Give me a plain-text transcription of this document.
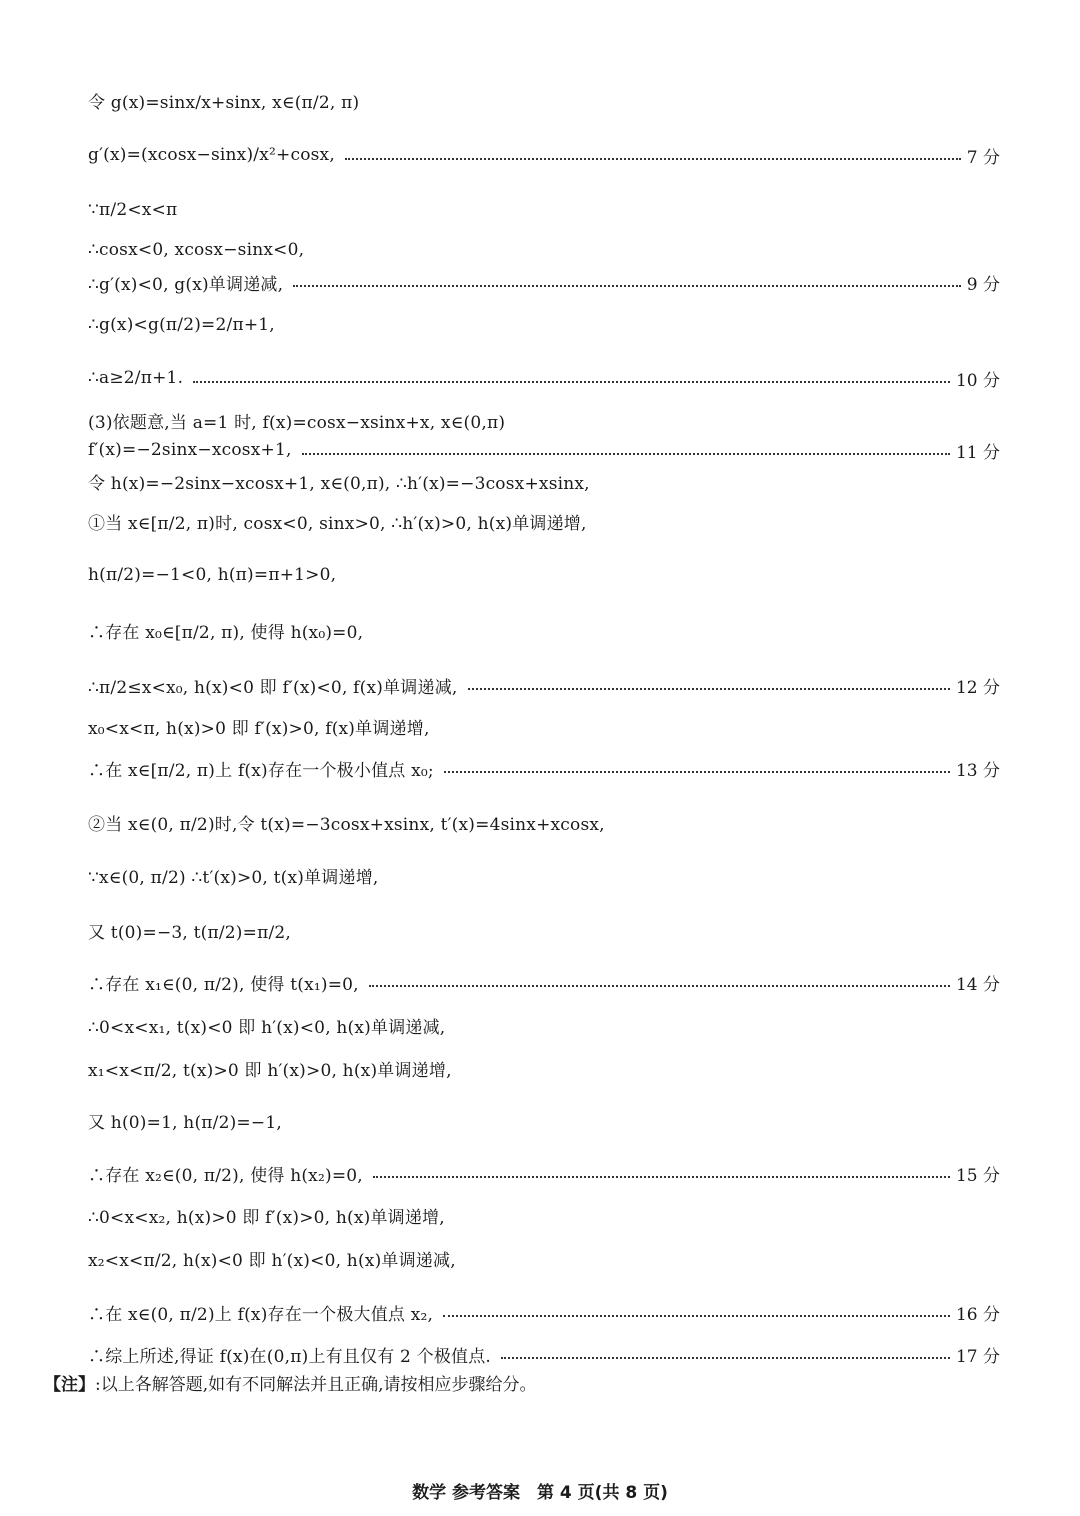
令 g(x)=sinx/x+sinx, x∈(π/2, π)
g′(x)=(xcosx−sinx)/x²+cosx,	7 分
∵π/2<x<π
∴cosx<0, xcosx−sinx<0,
∴g′(x)<0, g(x)单调递减,	9 分
∴g(x)<g(π/2)=2/π+1,
∴a≥2/π+1.	10 分
(3)依题意,当 a=1 时, f(x)=cosx−xsinx+x, x∈(0,π)
f′(x)=−2sinx−xcosx+1,	11 分
令 h(x)=−2sinx−xcosx+1, x∈(0,π), ∴h′(x)=−3cosx+xsinx,
①当 x∈[π/2, π)时, cosx<0, sinx>0, ∴h′(x)>0, h(x)单调递增,
h(π/2)=−1<0, h(π)=π+1>0,
∴存在 x₀∈[π/2, π), 使得 h(x₀)=0,
∴π/2≤x<x₀, h(x)<0 即 f′(x)<0, f(x)单调递减,	12 分
x₀<x<π, h(x)>0 即 f′(x)>0, f(x)单调递增,
∴在 x∈[π/2, π)上 f(x)存在一个极小值点 x₀;	13 分
②当 x∈(0, π/2)时,令 t(x)=−3cosx+xsinx, t′(x)=4sinx+xcosx,
∵x∈(0, π/2) ∴t′(x)>0, t(x)单调递增,
又 t(0)=−3, t(π/2)=π/2,
∴存在 x₁∈(0, π/2), 使得 t(x₁)=0,	14 分
∴0<x<x₁, t(x)<0 即 h′(x)<0, h(x)单调递减,
x₁<x<π/2, t(x)>0 即 h′(x)>0, h(x)单调递增,
又 h(0)=1, h(π/2)=−1,
∴存在 x₂∈(0, π/2), 使得 h(x₂)=0,	15 分
∴0<x<x₂, h(x)>0 即 f′(x)>0, h(x)单调递增,
x₂<x<π/2, h(x)<0 即 h′(x)<0, h(x)单调递减,
∴在 x∈(0, π/2)上 f(x)存在一个极大值点 x₂,	16 分
∴综上所述,得证 f(x)在(0,π)上有且仅有 2 个极值点.	17 分
【注】:以上各解答题,如有不同解法并且正确,请按相应步骤给分。
数学 参考答案　第 4 页(共 8 页)
